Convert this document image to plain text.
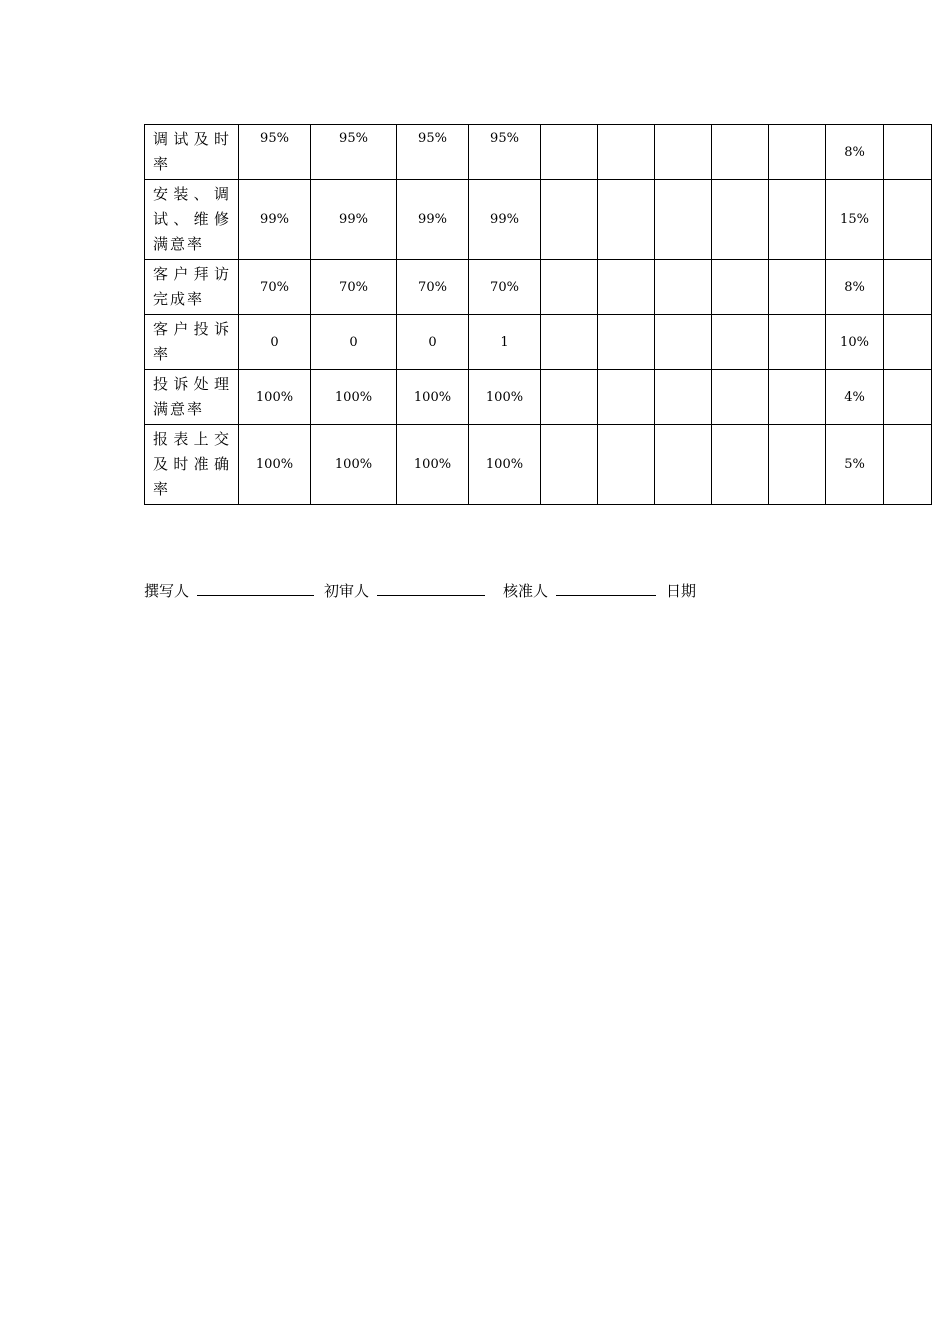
调试及时
率	95%	95%	95%	95%						8%	

安装、调
试、维修
满意率	99%	99%	99%	99%						15%	

客户拜访
完成率	70%	70%	70%	70%						8%	

客户投诉
率	0	0	0	1						10%	

投诉处理
满意率	100%	100%	100%	100%						4%	

报表上交
及时准确
率	100%	100%	100%	100%						5%	
撰写人	初审人	核准人	日期
